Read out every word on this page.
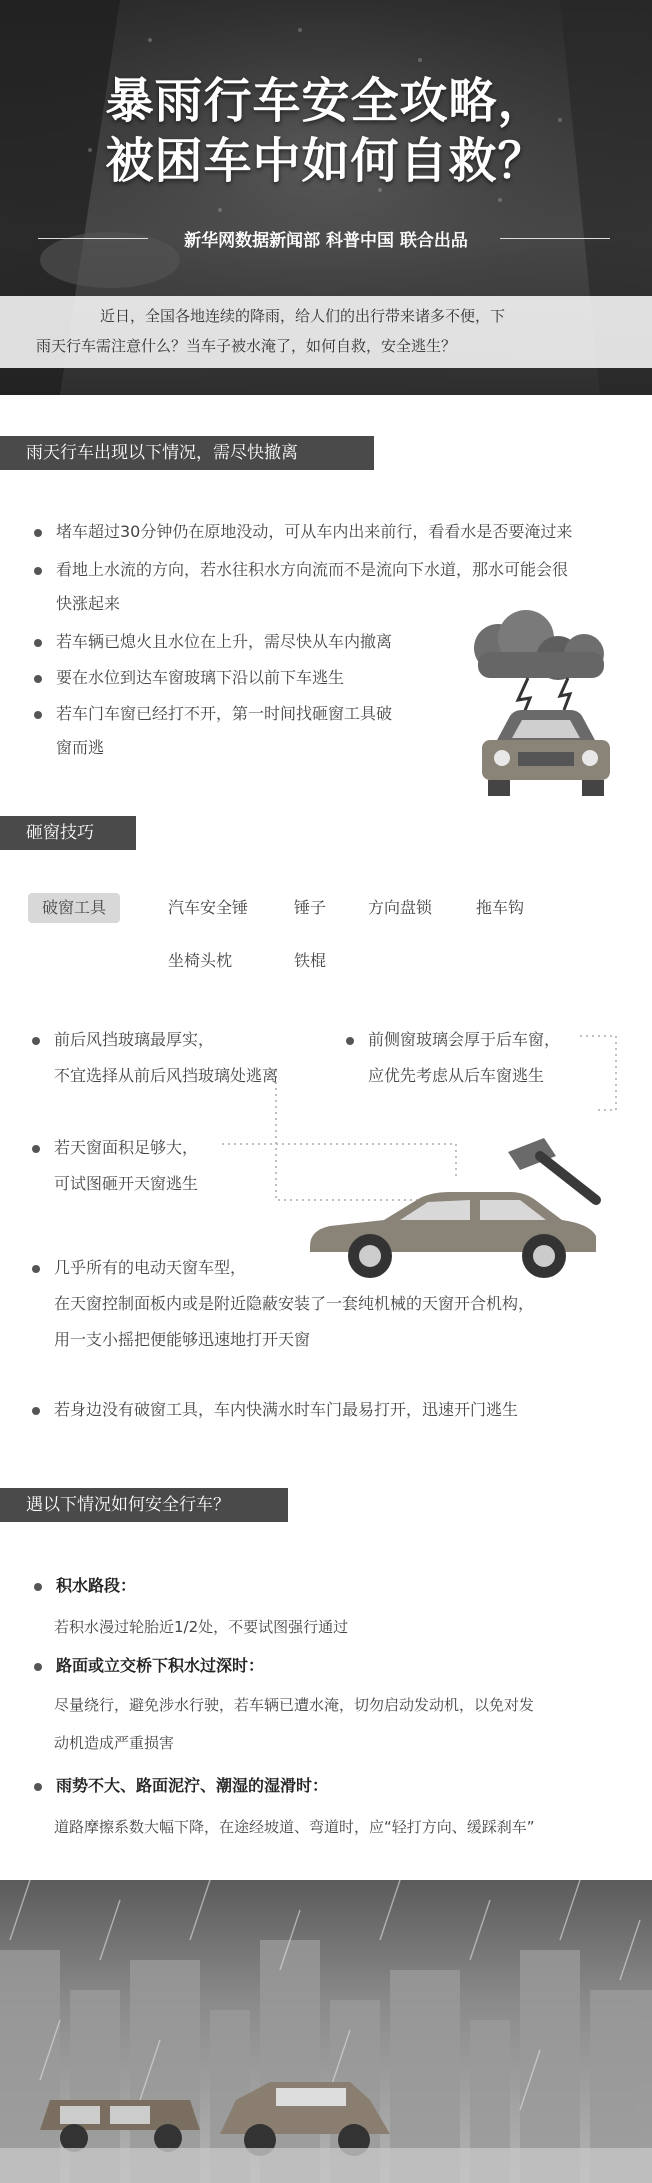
暴雨行车安全攻略，
被困车中如何自救？
新华网数据新闻部 科普中国 联合出品

近日，全国各地连续的降雨，给人们的出行带来诸多不便，下

雨天行车需注意什么？当车子被水淹了，如何自救，安全逃生？

雨天行车出现以下情况，需尽快撤离
堵车超过30分钟仍在原地没动，可从车内出来前行，看看水是否要淹过来
看地上水流的方向，若水往积水方向流而不是流向下水道，那水可能会很
快涨起来
若车辆已熄火且水位在上升，需尽快从车内撤离
要在水位到达车窗玻璃下沿以前下车逃生
若车门车窗已经打不开，第一时间找砸窗工具破
窗而逃
砸窗技巧
破窗工具	汽车安全锤	锤子	方向盘锁	拖车钩
坐椅头枕	铁棍
前后风挡玻璃最厚实，
不宜选择从前后风挡玻璃处逃离
前侧窗玻璃会厚于后车窗，
应优先考虑从后车窗逃生
若天窗面积足够大，
可试图砸开天窗逃生
几乎所有的电动天窗车型，
在天窗控制面板内或是附近隐蔽安装了一套纯机械的天窗开合机构，
用一支小摇把便能够迅速地打开天窗
若身边没有破窗工具，车内快满水时车门最易打开，迅速开门逃生
遇以下情况如何安全行车？
积水路段：
若积水漫过轮胎近1/2处，不要试图强行通过
路面或立交桥下积水过深时：
尽量绕行，避免涉水行驶，若车辆已遭水淹，切勿启动发动机，以免对发
动机造成严重损害
雨势不大、路面泥泞、潮湿的湿滑时：
道路摩擦系数大幅下降，在途经坡道、弯道时，应“轻打方向、缓踩刹车”
